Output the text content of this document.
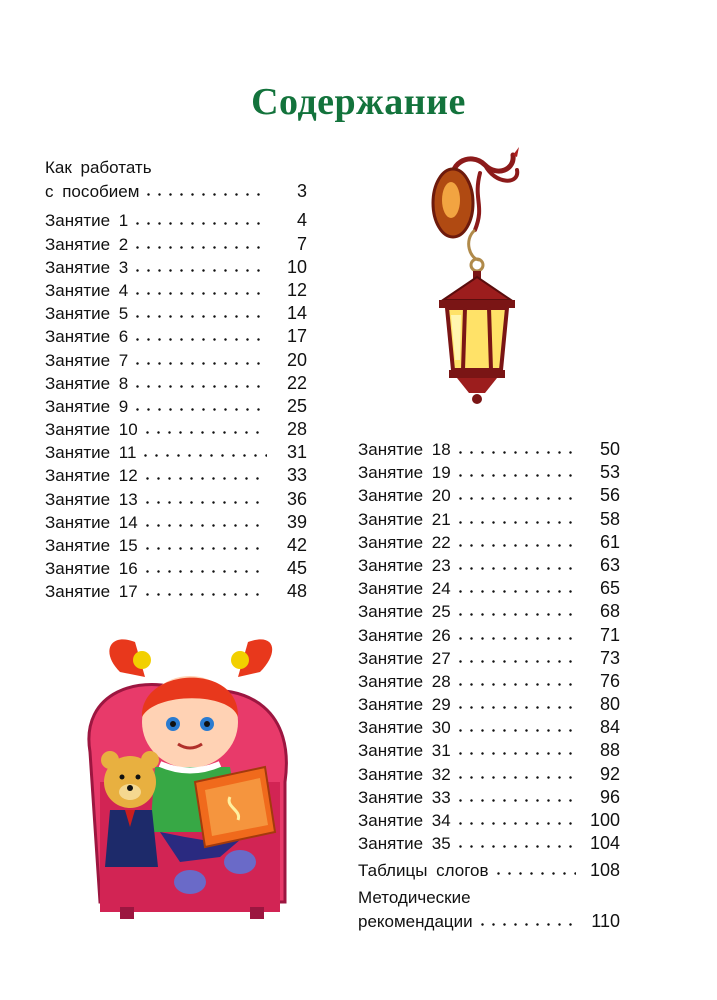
Содержание
Как работать
с пособием	3
Занятие 1	4
Занятие 2	7
Занятие 3	10
Занятие 4	12
Занятие 5	14
Занятие 6	17
Занятие 7	20
Занятие 8	22
Занятие 9	25
Занятие 10	28
Занятие 11	31
Занятие 12	33
Занятие 13	36
Занятие 14	39
Занятие 15	42
Занятие 16	45
Занятие 17	48
Занятие 18	50
Занятие 19	53
Занятие 20	56
Занятие 21	58
Занятие 22	61
Занятие 23	63
Занятие 24	65
Занятие 25	68
Занятие 26	71
Занятие 27	73
Занятие 28	76
Занятие 29	80
Занятие 30	84
Занятие 31	88
Занятие 32	92
Занятие 33	96
Занятие 34	100
Занятие 35	104
Таблицы слогов	108
Методические
рекомендации	110
